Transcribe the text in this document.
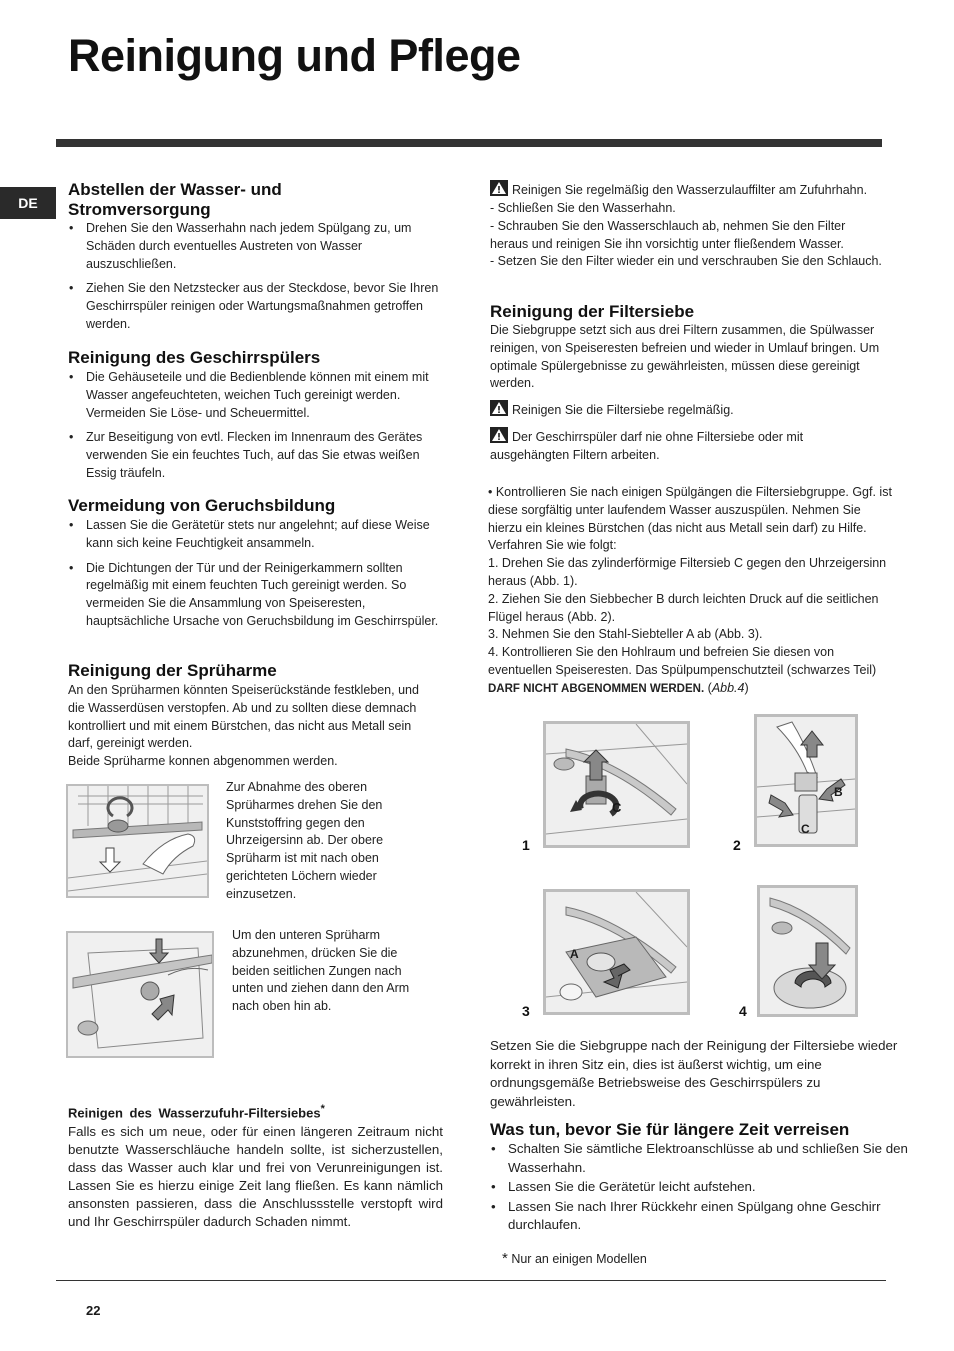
Reinigung und Pflege
DE
Abstellen der Wasser- und Stromversorgung
• Drehen Sie den Wasserhahn nach jedem Spülgang zu, um Schäden durch eventuelles Austreten von Wasser auszuschließen.
• Ziehen Sie den Netzstecker aus der Steckdose, bevor Sie Ihren Geschirrspüler reinigen oder Wartungsmaßnahmen getroffen werden.
Reinigung des Geschirrspülers
• Die Gehäuseteile und die Bedienblende können mit einem mit Wasser angefeuchteten, weichen Tuch gereinigt werden. Vermeiden Sie Löse- und Scheuermittel.
• Zur Beseitigung von evtl. Flecken im Innenraum des Gerätes verwenden Sie ein feuchtes Tuch, auf das Sie etwas weißen Essig träufeln.
Vermeidung von Geruchsbildung
• Lassen Sie die Gerätetür stets nur angelehnt; auf diese Weise kann sich keine Feuchtigkeit ansammeln.
• Die Dichtungen der Tür und der Reinigerkammern sollten regelmäßig mit einem feuchten Tuch gereinigt werden. So vermeiden Sie die Ansammlung von Speiseresten, hauptsächliche Ursache von Geruchsbildung im Geschirrspüler.
Reinigung der Sprüharme
An den Sprüharmen könnten Speiserückstände festkleben, und die Wasserdüsen verstopfen. Ab und zu sollten diese demnach kontrolliert und mit einem Bürstchen, das nicht aus Metall sein darf, gereinigt werden.
Beide Sprüharme konnen abgenommen werden.
Zur Abnahme des oberen Sprüharmes drehen Sie den Kunststoffring gegen den Uhrzeigersinn ab. Der obere Sprüharm ist mit nach oben gerichteten Löchern wieder einzusetzen.
Um den unteren Sprüharm abzunehmen, drücken Sie die beiden seitlichen Zungen nach unten und ziehen dann den Arm nach oben hin ab.
Reinigen des Wasserzufuhr-Filtersiebes*
Falls es sich um neue, oder für einen längeren Zeitraum nicht benutzte Wasserschläuche handeln sollte, ist sicherzustellen, dass das Wasser auch klar und frei von Verunreinigungen ist. Lassen Sie es hierzu einige Zeit lang fließen. Es kann nämlich ansonsten passieren, dass die Anschlussstelle verstopft wird und Ihr Geschirrspüler dadurch Schaden nimmt.
Reinigen Sie regelmäßig den Wasserzulauffilter am Zufuhrhahn.
- Schließen Sie den Wasserhahn.
- Schrauben Sie den Wasserschlauch ab, nehmen Sie den Filter heraus und reinigen Sie ihn vorsichtig unter fließendem Wasser.
- Setzen Sie den Filter wieder ein und verschrauben Sie den Schlauch.
Reinigung der Filtersiebe
Die Siebgruppe setzt sich aus drei Filtern zusammen, die Spülwasser reinigen, von Speiseresten befreien und wieder in Umlauf bringen. Um optimale Spülergebnisse zu gewährleisten, müssen diese gereinigt werden.
Reinigen Sie die Filtersiebe regelmäßig.
Der Geschirrspüler darf nie ohne Filtersiebe oder mit ausgehängten Filtern arbeiten.
• Kontrollieren Sie nach einigen Spülgängen die Filtersiebgruppe. Ggf. ist diese sorgfältig unter laufendem Wasser auszuspülen. Nehmen Sie hierzu ein kleines Bürstchen (das nicht aus Metall sein darf) zu Hilfe. Verfahren Sie wie folgt:
1. Drehen Sie das zylinderförmige Filtersieb C gegen den Uhrzeigersinn heraus (Abb. 1).
2. Ziehen Sie den Siebbecher B durch leichten Druck auf die seitlichen Flügel heraus (Abb. 2).
3. Nehmen Sie den Stahl-Siebteller A ab (Abb. 3).
4. Kontrollieren Sie den Hohlraum und befreien Sie diesen von eventuellen Speiseresten. Das Spülpumpenschutzteil (schwarzes Teil) DARF NICHT ABGENOMMEN WERDEN. (Abb.4)
C
1
B
C
2
A
3	4
Setzen Sie die Siebgruppe nach der Reinigung der Filtersiebe wieder korrekt in ihren Sitz ein, dies ist äußerst wichtig, um eine ordnungsgemäße Betriebsweise des Geschirrspülers zu gewährleisten.
Was tun, bevor Sie für längere Zeit verreisen
• Schalten Sie sämtliche Elektroanschlüsse ab und schließen Sie den Wasserhahn.
• Lassen Sie die Gerätetür leicht aufstehen.
• Lassen Sie nach Ihrer Rückkehr einen Spülgang ohne Geschirr durchlaufen.
* Nur an einigen Modellen
22
